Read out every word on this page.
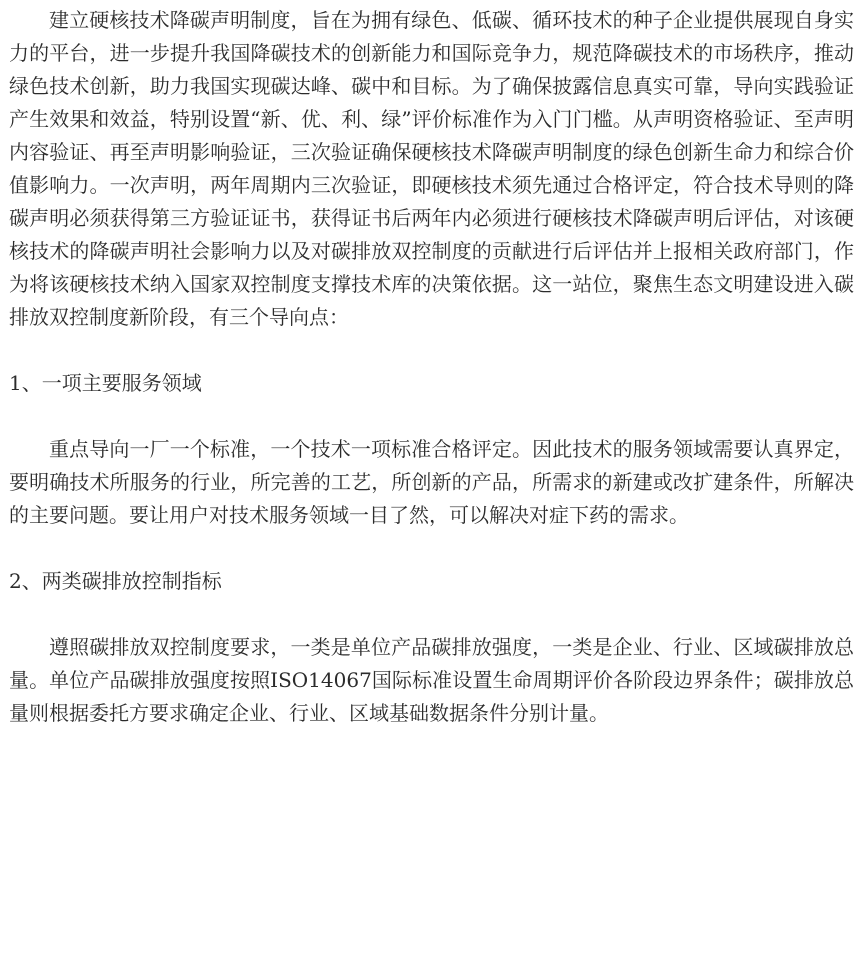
建立硬核技术降碳声明制度，旨在为拥有绿色、低碳、循环技术的种子企业提供展现自身实力的平台，进一步提升我国降碳技术的创新能力和国际竞争力，规范降碳技术的市场秩序，推动绿色技术创新，助力我国实现碳达峰、碳中和目标。为了确保披露信息真实可靠，导向实践验证产生效果和效益，特别设置“新、优、利、绿”评价标准作为入门门槛。从声明资格验证、至声明内容验证、再至声明影响验证，三次验证确保硬核技术降碳声明制度的绿色创新生命力和综合价值影响力。一次声明，两年周期内三次验证，即硬核技术须先通过合格评定，符合技术导则的降碳声明必须获得第三方验证证书，获得证书后两年内必须进行硬核技术降碳声明后评估，对该硬核技术的降碳声明社会影响力以及对碳排放双控制度的贡献进行后评估并上报相关政府部门，作为将该硬核技术纳入国家双控制度支撑技术库的决策依据。这一站位，聚焦生态文明建设进入碳排放双控制度新阶段，有三个导向点：

1、一项主要服务领域

重点导向一厂一个标准，一个技术一项标准合格评定。因此技术的服务领域需要认真界定，要明确技术所服务的行业，所完善的工艺，所创新的产品，所需求的新建或改扩建条件，所解决的主要问题。要让用户对技术服务领域一目了然，可以解决对症下药的需求。

2、两类碳排放控制指标

遵照碳排放双控制度要求，一类是单位产品碳排放强度，一类是企业、行业、区域碳排放总量。单位产品碳排放强度按照ISO14067国际标准设置生命周期评价各阶段边界条件；碳排放总量则根据委托方要求确定企业、行业、区域基础数据条件分别计量。
